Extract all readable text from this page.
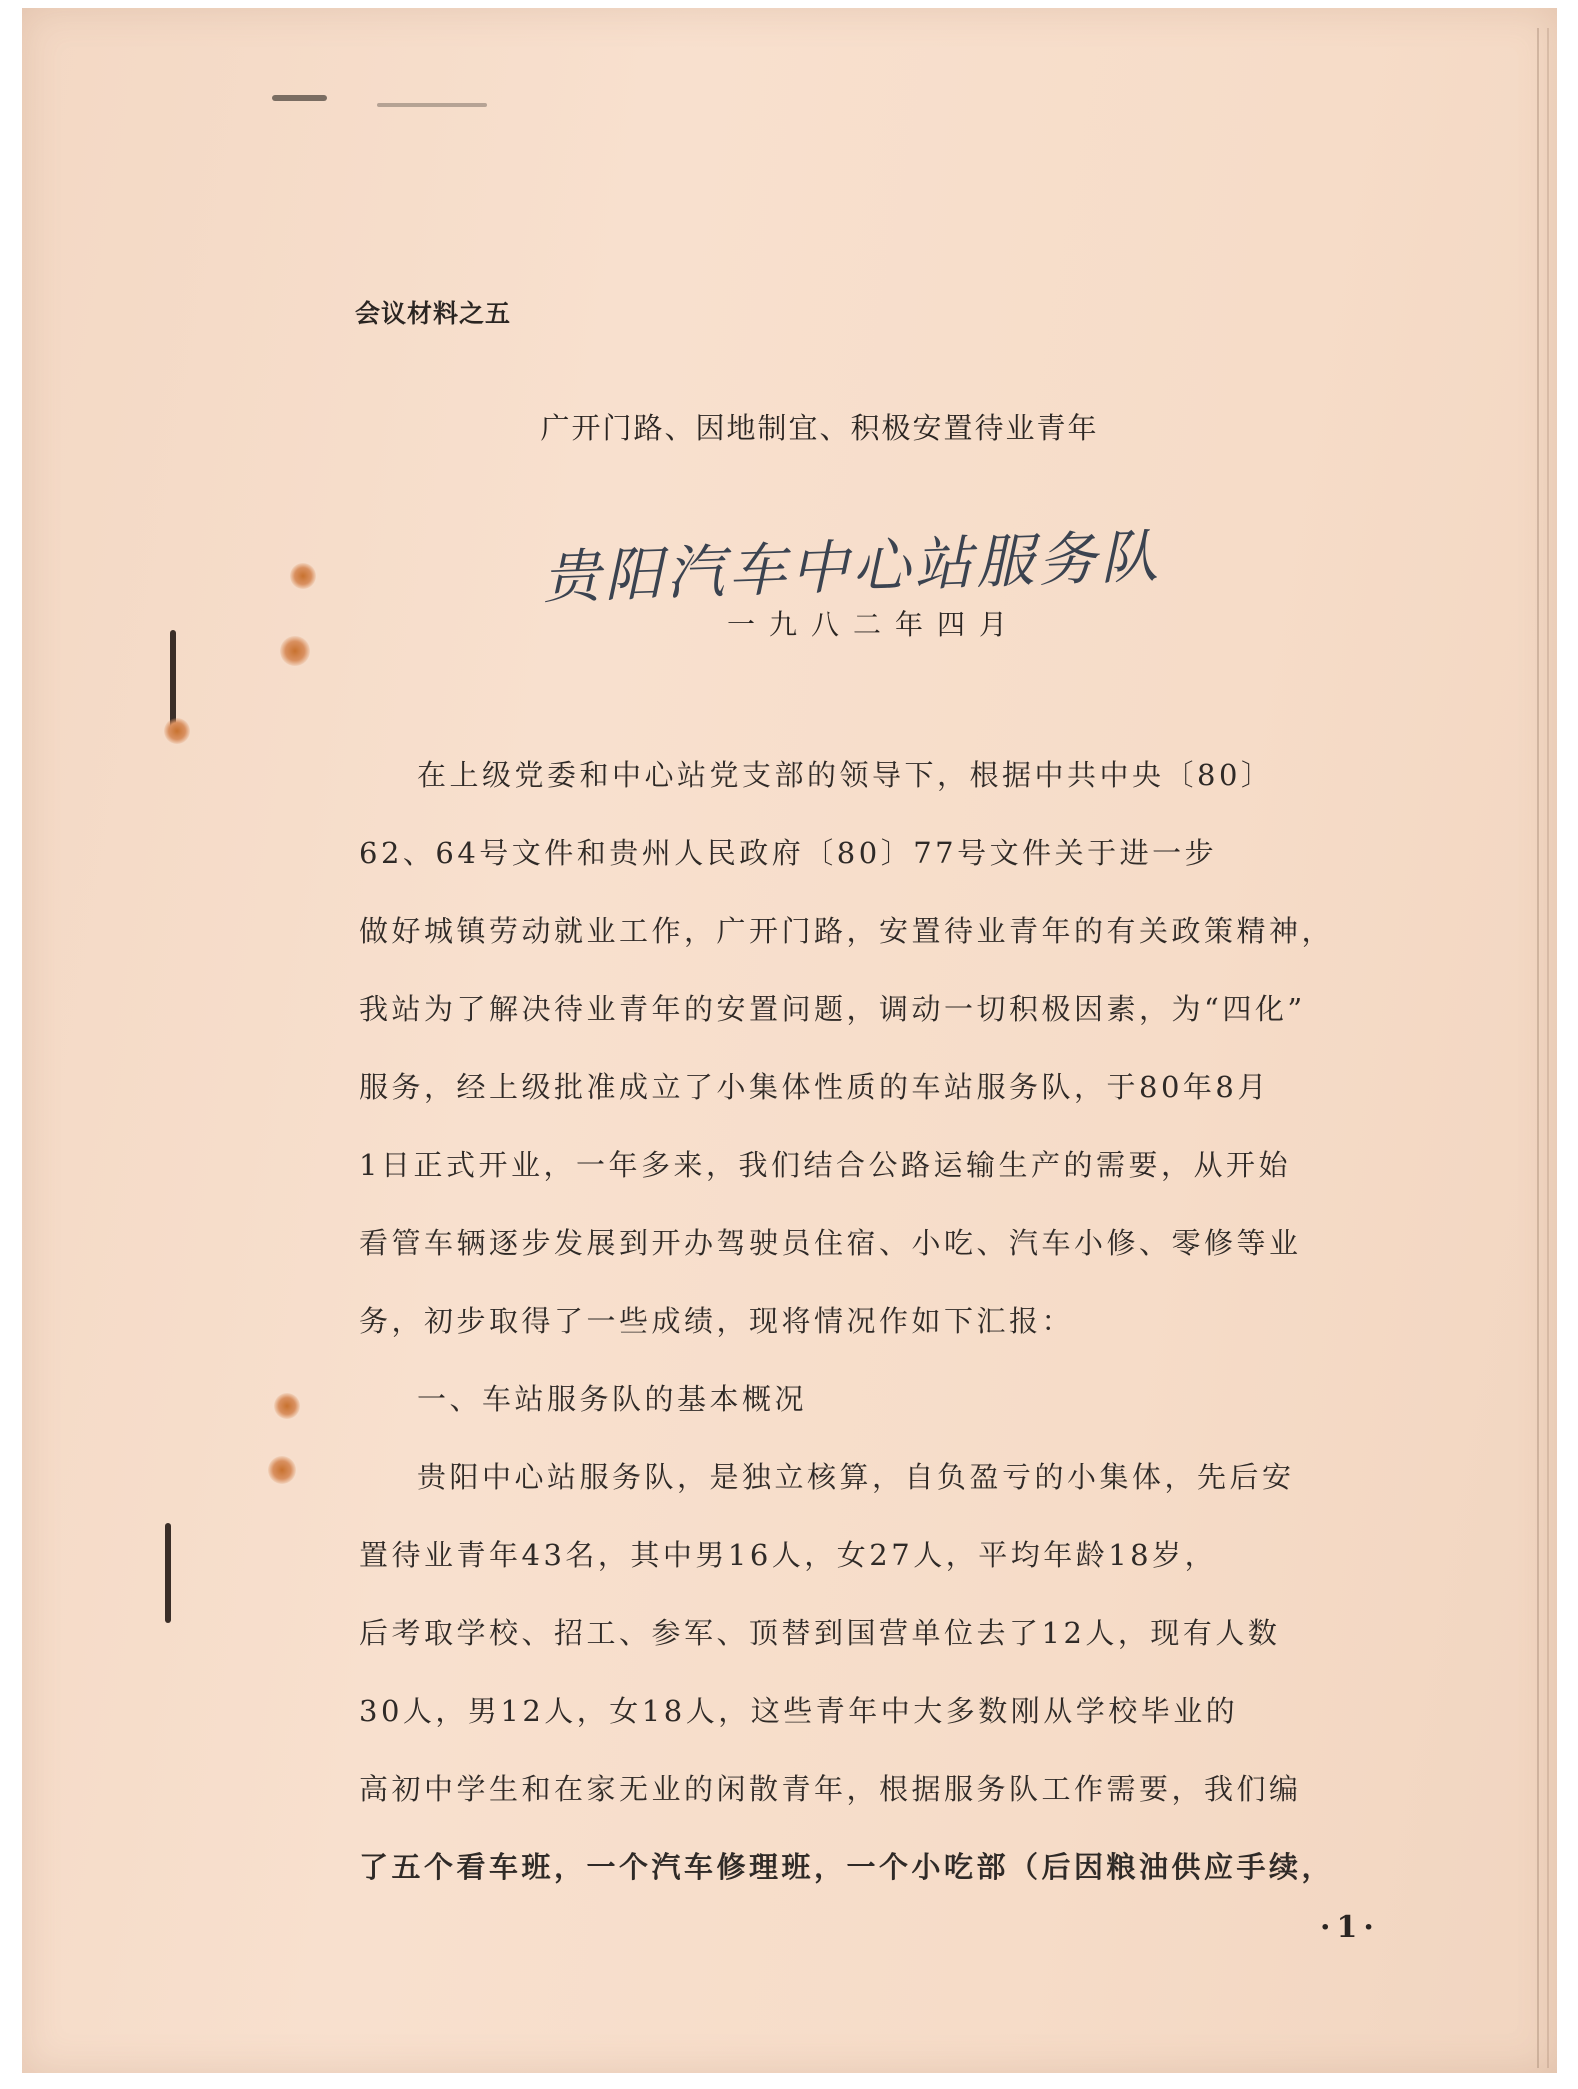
会议材料之五
广开门路、因地制宜、积极安置待业青年
贵阳汽车中心站服务队
一九八二年四月
在上级党委和中心站党支部的领导下，根据中共中央〔80〕
62、64号文件和贵州人民政府〔80〕77号文件关于进一步
做好城镇劳动就业工作，广开门路，安置待业青年的有关政策精神，
我站为了解决待业青年的安置问题，调动一切积极因素，为“四化”
服务，经上级批准成立了小集体性质的车站服务队，于80年8月
1日正式开业，一年多来，我们结合公路运输生产的需要，从开始
看管车辆逐步发展到开办驾驶员住宿、小吃、汽车小修、零修等业
务，初步取得了一些成绩，现将情况作如下汇报：
一、车站服务队的基本概况
贵阳中心站服务队，是独立核算，自负盈亏的小集体，先后安
置待业青年43名，其中男16人，女27人，平均年龄18岁，
后考取学校、招工、参军、顶替到国营单位去了12人，现有人数
30人，男12人，女18人，这些青年中大多数刚从学校毕业的
高初中学生和在家无业的闲散青年，根据服务队工作需要，我们编
了五个看车班，一个汽车修理班，一个小吃部（后因粮油供应手续，
·1·
